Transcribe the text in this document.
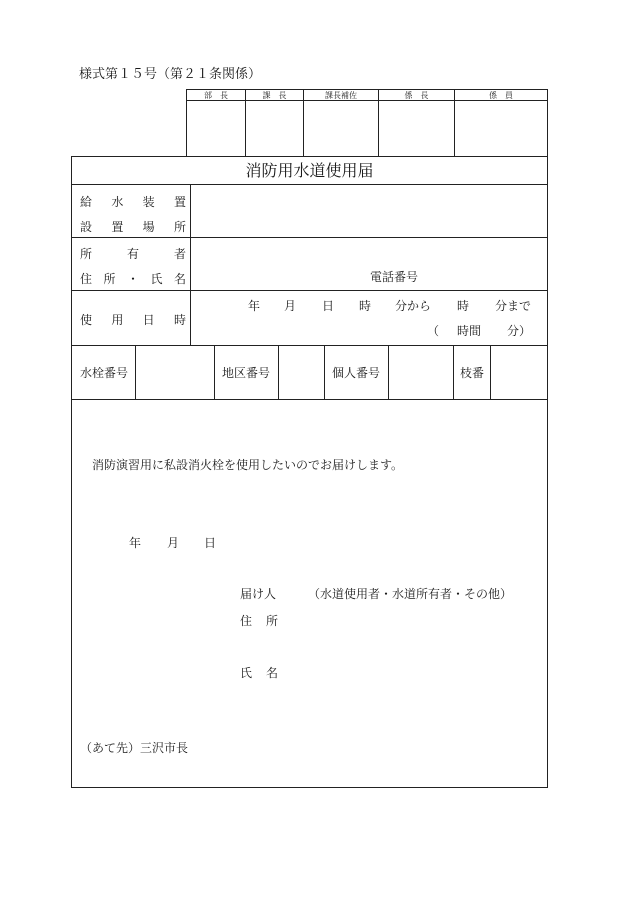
様式第１５号（第２１条関係）
部　長	課　長	課長補佐	係　長	係　員
消防用水道使用届
給 水 装 置
設 置 場 所
所	有	者
住 所 ・ 氏 名	電話番号
使 用 日 時
年 月 日 時 分から 時 分まで
（ 時間 分）
水栓番号	地区番号	個人番号	枝番
消防演習用に私設消火栓を使用したいのでお届けします。
年 月 日
届け人	（水道使用者・水道所有者・その他）
住 所
氏 名
（あて先）三沢市長
